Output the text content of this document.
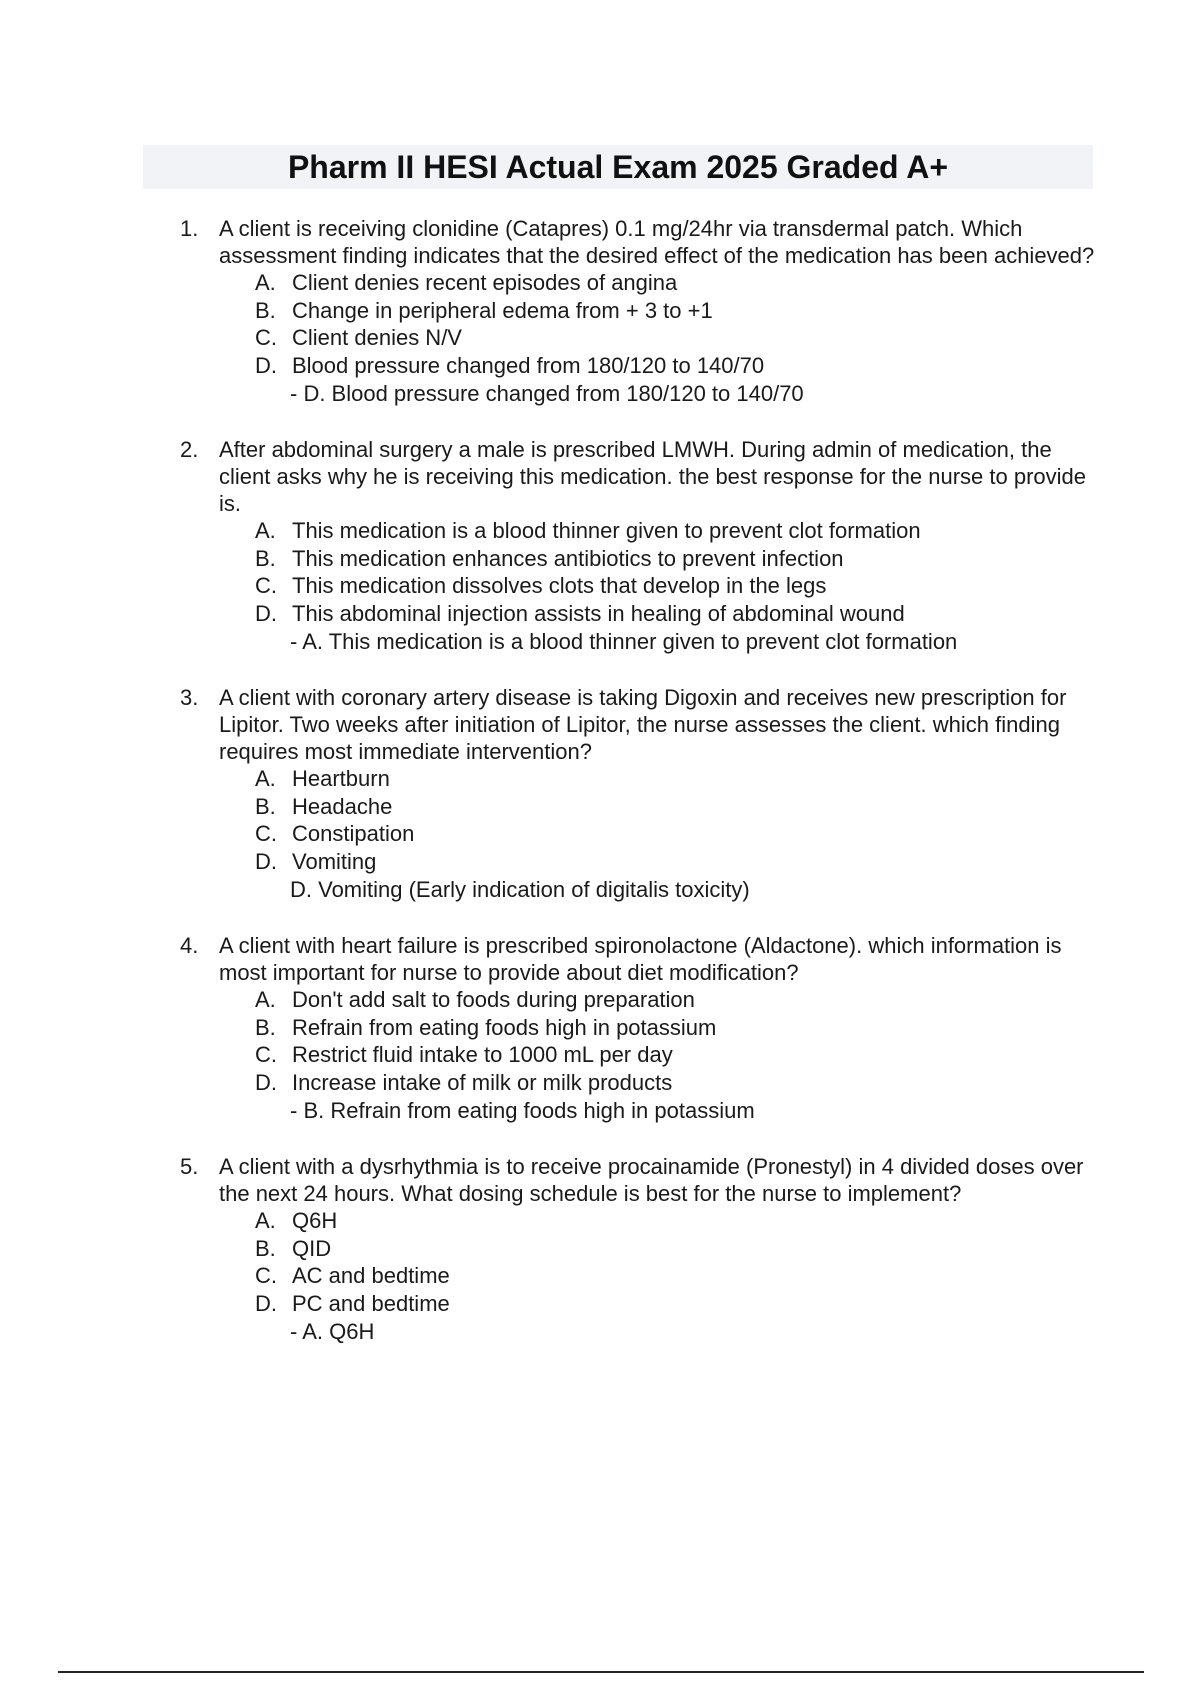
Pharm II HESI Actual Exam 2025 Graded A+
1. A client is receiving clonidine (Catapres) 0.1 mg/24hr via transdermal patch. Which assessment finding indicates that the desired effect of the medication has been achieved?
A. Client denies recent episodes of angina
B. Change in peripheral edema from + 3 to +1
C. Client denies N/V
D. Blood pressure changed from 180/120 to 140/70
- D. Blood pressure changed from 180/120 to 140/70
2. After abdominal surgery a male is prescribed LMWH. During admin of medication, the client asks why he is receiving this medication. the best response for the nurse to provide is.
A. This medication is a blood thinner given to prevent clot formation
B. This medication enhances antibiotics to prevent infection
C. This medication dissolves clots that develop in the legs
D. This abdominal injection assists in healing of abdominal wound
- A. This medication is a blood thinner given to prevent clot formation
3. A client with coronary artery disease is taking Digoxin and receives new prescription for Lipitor. Two weeks after initiation of Lipitor, the nurse assesses the client. which finding requires most immediate intervention?
A. Heartburn
B. Headache
C. Constipation
D. Vomiting
D. Vomiting (Early indication of digitalis toxicity)
4. A client with heart failure is prescribed spironolactone (Aldactone). which information is most important for nurse to provide about diet modification?
A. Don't add salt to foods during preparation
B. Refrain from eating foods high in potassium
C. Restrict fluid intake to 1000 mL per day
D. Increase intake of milk or milk products
- B. Refrain from eating foods high in potassium
5. A client with a dysrhythmia is to receive procainamide (Pronestyl) in 4 divided doses over the next 24 hours. What dosing schedule is best for the nurse to implement?
A. Q6H
B. QID
C. AC and bedtime
D. PC and bedtime
- A. Q6H
